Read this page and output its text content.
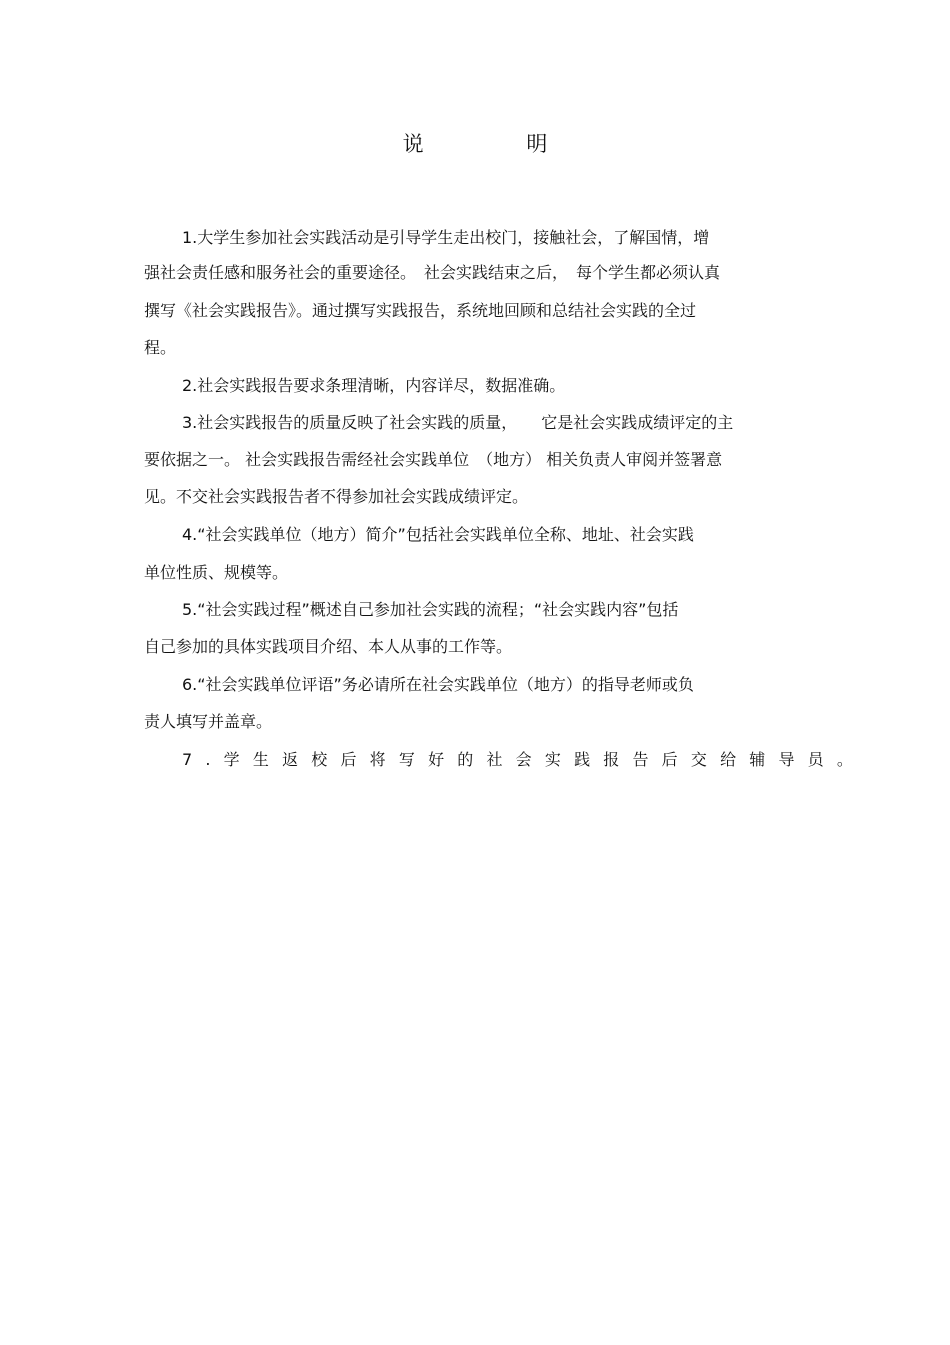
说 明
1.大学生参加社会实践活动是引导学生走出校门，接触社会，了解国情，增
强社会责任感和服务社会的重要途径。　社会实践结束之后，　每个学生都必须认真
撰写《社会实践报告》。通过撰写实践报告，系统地回顾和总结社会实践的全过
程。
2.社会实践报告要求条理清晰，内容详尽，数据准确。
3.社会实践报告的质量反映了社会实践的质量，　　它是社会实践成绩评定的主
要依据之一。 社会实践报告需经社会实践单位　（地方） 相关负责人审阅并签署意
见。不交社会实践报告者不得参加社会实践成绩评定。
4.“社会实践单位（地方）简介”包括社会实践单位全称、地址、社会实践
单位性质、规模等。
5.“社会实践过程”概述自己参加社会实践的流程；“社会实践内容”包括
自己参加的具体实践项目介绍、本人从事的工作等。
6.“社会实践单位评语”务必请所在社会实践单位（地方）的指导老师或负
责人填写并盖章。
7.学生返校后将写好的社会实践报告后交给辅导员。
